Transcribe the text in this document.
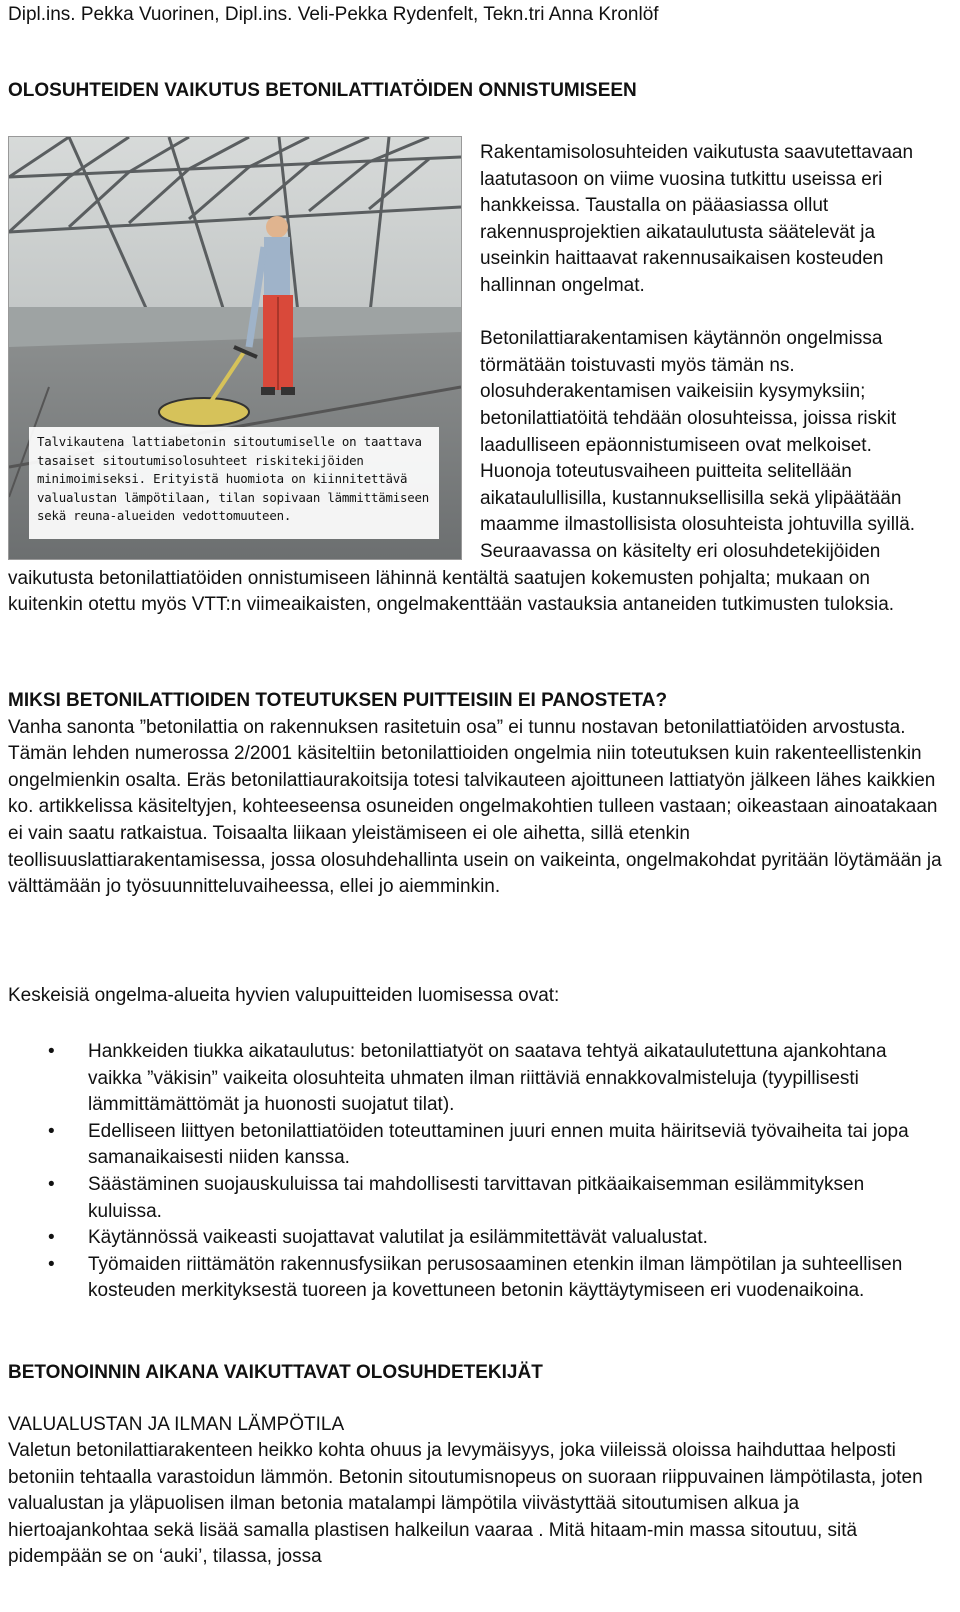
Dipl.ins. Pekka Vuorinen, Dipl.ins. Veli-Pekka Rydenfelt, Tekn.tri Anna Kronlöf
OLOSUHTEIDEN VAIKUTUS BETONILATTIATÖIDEN ONNISTUMISEEN
Talvikautena lattiabetonin sitoutumiselle on taattava tasaiset sitoutumisolosuhteet riskitekijöiden minimoimiseksi. Erityistä huomiota on kiinnitettävä valualustan lämpötilaan, tilan sopivaan lämmittämiseen sekä reuna-alueiden vedottomuuteen.

Rakentamisolosuhteiden vaikutusta saavutettavaan laatutasoon on viime vuosina tutkittu useissa eri hankkeissa. Taustalla on pääasiassa ollut rakennusprojektien aikataulutusta säätelevät ja useinkin haittaavat rakennusaikaisen kosteuden hallinnan ongelmat.

Betonilattiarakentamisen käytännön ongelmissa törmätään toistuvasti myös tämän ns. olosuhderakentamisen vaikeisiin kysymyksiin; betonilattiatöitä tehdään olosuhteissa, joissa riskit laadulliseen epäonnistumiseen ovat melkoiset. Huonoja toteutusvaiheen puitteita selitellään aikataulullisilla, kustannuksellisilla sekä ylipäätään maamme ilmastollisista olosuhteista johtuvilla syillä. Seuraavassa on käsitelty eri olosuhdetekijöiden vaikutusta betonilattiatöiden onnistumiseen lähinnä kentältä saatujen kokemusten pohjalta; mukaan on kuitenkin otettu myös VTT:n viimeaikaisten, ongelmakenttään vastauksia antaneiden tutkimusten tuloksia.

MIKSI BETONILATTIOIDEN TOTEUTUKSEN PUITTEISIIN EI PANOSTETA?

Vanha sanonta ”betonilattia on rakennuksen rasitetuin osa” ei tunnu nostavan betonilattiatöiden arvostusta. Tämän lehden numerossa 2/2001 käsiteltiin betonilattioiden ongelmia niin toteutuksen kuin rakenteellistenkin ongelmienkin osalta. Eräs betonilattiaurakoitsija totesi talvikauteen ajoittuneen lattiatyön jälkeen lähes kaikkien ko. artikkelissa käsiteltyjen, kohteeseensa osuneiden ongelmakohtien tulleen vastaan; oikeastaan ainoatakaan ei vain saatu ratkaistua. Toisaalta liikaan yleistämiseen ei ole aihetta, sillä etenkin teollisuuslattiarakentamisessa, jossa olosuhdehallinta usein on vaikeinta, ongelmakohdat pyritään löytämään ja välttämään jo työsuunnitteluvaiheessa, ellei jo aiemminkin.

Keskeisiä ongelma-alueita hyvien valupuitteiden luomisessa ovat:
• Hankkeiden tiukka aikataulutus: betonilattiatyöt on saatava tehtyä aikataulutettuna ajankohtana vaikka ”väkisin” vaikeita olosuhteita uhmaten ilman riittäviä ennakkovalmisteluja (tyypillisesti lämmittämättömät ja huonosti suojatut tilat).
• Edelliseen liittyen betonilattiatöiden toteuttaminen juuri ennen muita häiritseviä työvaiheita tai jopa samanaikaisesti niiden kanssa.
• Säästäminen suojauskuluissa tai mahdollisesti tarvittavan pitkäaikaisemman esilämmityksen kuluissa.
• Käytännössä vaikeasti suojattavat valutilat ja esilämmitettävät valualustat.
• Työmaiden riittämätön rakennusfysiikan perusosaaminen etenkin ilman lämpötilan ja suhteellisen kosteuden merkityksestä tuoreen ja kovettuneen betonin käyttäytymiseen eri vuodenaikoina.
BETONOINNIN AIKANA VAIKUTTAVAT OLOSUHDETEKIJÄT
VALUALUSTAN JA ILMAN LÄMPÖTILA

Valetun betonilattiarakenteen heikko kohta ohuus ja levymäisyys, joka viileissä oloissa haihduttaa helposti betoniin tehtaalla varastoidun lämmön. Betonin sitoutumisnopeus on suoraan riippuvainen lämpötilasta, joten valualustan ja yläpuolisen ilman betonia matalampi lämpötila viivästyttää sitoutumisen alkua ja hiertoajankohtaa sekä lisää samalla plastisen halkeilun vaaraa . Mitä hitaam-min massa sitoutuu, sitä pidempään se on ‘auki’, tilassa, jossa
